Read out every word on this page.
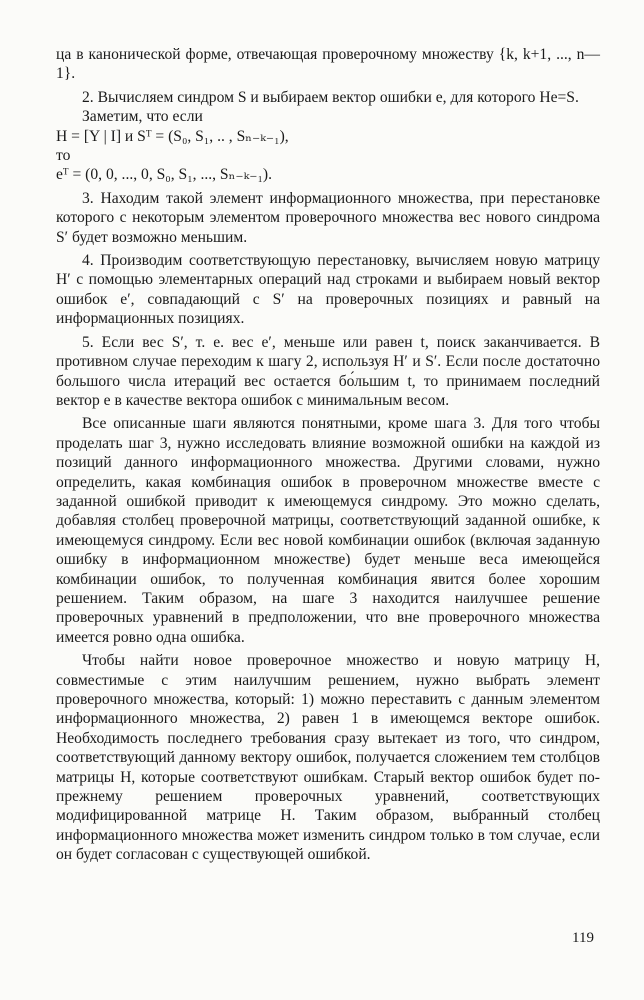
ца в канонической форме, отвечающая проверочному множеству {k, k+1, ..., n—1}.

2. Вычисляем синдром S и выбираем вектор ошибки e, для которого He=S.

Заметим, что если

H = [Y | I] и Sᵀ = (S₀, S₁, .. , Sₙ₋ₖ₋₁),
то
eᵀ = (0, 0, ..., 0, S₀, S₁, ..., Sₙ₋ₖ₋₁).

3. Находим такой элемент информационного множества, при перестановке которого с некоторым элементом проверочного множества вес нового синдрома S′ будет возможно меньшим.

4. Производим соответствующую перестановку, вычисляем новую матрицу H′ с помощью элементарных операций над строками и выбираем новый вектор ошибок e′, совпадающий с S′ на проверочных позициях и равный на информационных позициях.

5. Если вес S′, т. е. вес e′, меньше или равен t, поиск заканчивается. В противном случае переходим к шагу 2, используя H′ и S′. Если после достаточно большого числа итераций вес остается бо́льшим t, то принимаем последний вектор e в качестве вектора ошибок с минимальным весом.

Все описанные шаги являются понятными, кроме шага 3. Для того чтобы проделать шаг 3, нужно исследовать влияние возможной ошибки на каждой из позиций данного информационного множества. Другими словами, нужно определить, какая комбинация ошибок в проверочном множестве вместе с заданной ошибкой приводит к имеющемуся синдрому. Это можно сделать, добавляя столбец проверочной матрицы, соответствующий заданной ошибке, к имеющемуся синдрому. Если вес новой комбинации ошибок (включая заданную ошибку в информационном множестве) будет меньше веса имеющейся комбинации ошибок, то полученная комбинация явится более хорошим решением. Таким образом, на шаге 3 находится наилучшее решение проверочных уравнений в предположении, что вне проверочного множества имеется ровно одна ошибка.

Чтобы найти новое проверочное множество и новую матрицу H, совместимые с этим наилучшим решением, нужно выбрать элемент проверочного множества, который: 1) можно переставить с данным элементом информационного множества, 2) равен 1 в имеющемся векторе ошибок. Необходимость последнего требования сразу вытекает из того, что синдром, соответствующий данному вектору ошибок, получается сложением тем столбцов матрицы H, которые соответствуют ошибкам. Старый вектор ошибок будет по-прежнему решением проверочных уравнений, соответствующих модифицированной матрице H. Таким образом, выбранный столбец информационного множества может изменить синдром только в том случае, если он будет согласован с существующей ошибкой.

119
